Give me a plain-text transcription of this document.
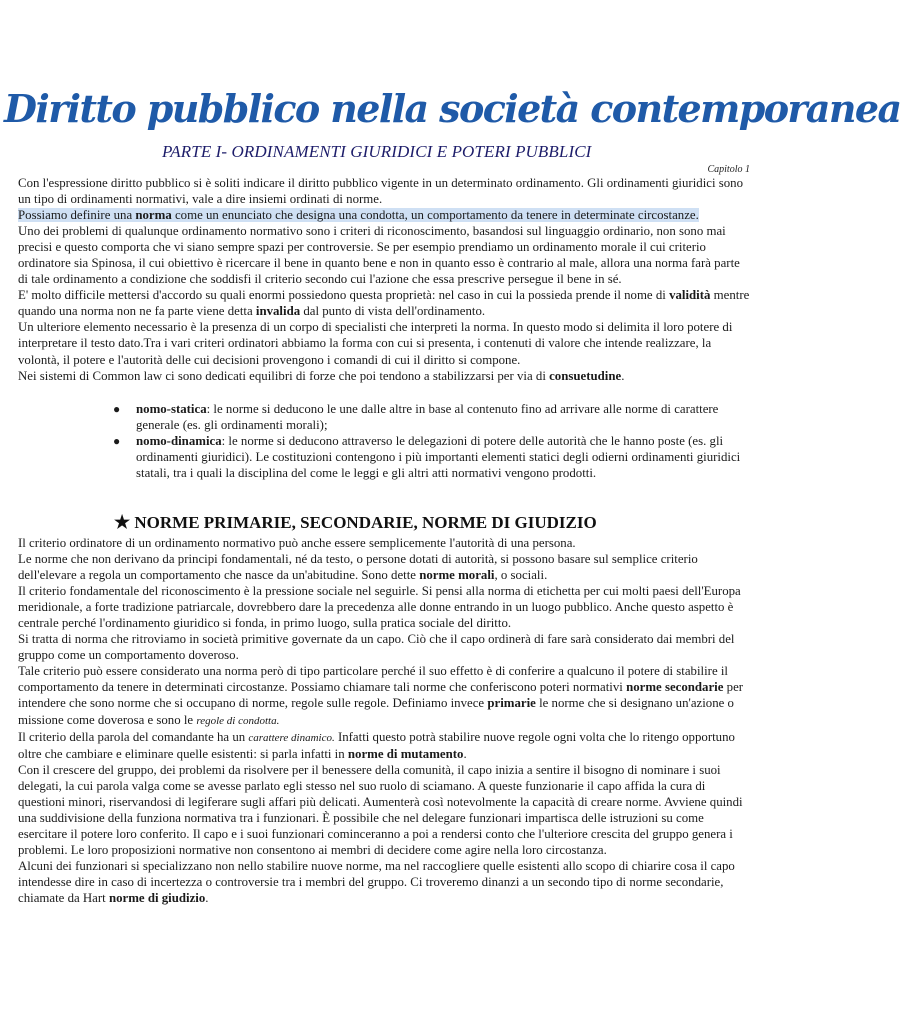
Diritto pubblico nella società contemporanea
PARTE I- ORDINAMENTI GIURIDICI E POTERI PUBBLICI
Capitolo 1

Con l'espressione diritto pubblico si è soliti indicare il diritto pubblico vigente in un determinato ordinamento. Gli ordinamenti giuridici sono un tipo di ordinamenti normativi, vale a dire insiemi ordinati di norme.

Possiamo definire una norma come un enunciato che designa una condotta, un comportamento da tenere in determinate circostanze.

Uno dei problemi di qualunque ordinamento normativo sono i criteri di riconoscimento, basandosi sul linguaggio ordinario, non sono mai precisi e questo comporta che vi siano sempre spazi per controversie. Se per esempio prendiamo un ordinamento morale il cui criterio ordinatore sia Spinosa, il cui obiettivo è ricercare il bene in quanto bene e non in quanto esso è contrario al male, allora una norma farà parte di tale ordinamento a condizione che soddisfi il criterio secondo cui l'azione che essa prescrive persegue il bene in sé.

E' molto difficile mettersi d'accordo su quali enormi possiedono questa proprietà: nel caso in cui la possieda prende il nome di validità mentre quando una norma non ne fa parte viene detta invalida dal punto di vista dell'ordinamento.

Un ulteriore elemento necessario è la presenza di un corpo di specialisti che interpreti la norma. In questo modo si delimita il loro potere di interpretare il testo dato.Tra i vari criteri ordinatori abbiamo la forma con cui si presenta, i contenuti di valore che intende realizzare, la volontà, il potere e l'autorità delle cui decisioni provengono i comandi di cui il diritto si compone.

Nei sistemi di Common law ci sono dedicati equilibri di forze che poi tendono a stabilizzarsi per via di consuetudine.

● nomo-statica: le norme si deducono le une dalle altre in base al contenuto fino ad arrivare alle norme di carattere generale (es. gli ordinamenti morali);
● nomo-dinamica: le norme si deducono attraverso le delegazioni di potere delle autorità che le hanno poste (es. gli ordinamenti giuridici). Le costituzioni contengono i più importanti elementi statici degli odierni ordinamenti giuridici statali, tra i quali la disciplina del come le leggi e gli altri atti normativi vengono prodotti.
★ NORME PRIMARIE, SECONDARIE, NORME DI GIUDIZIO

Il criterio ordinatore di un ordinamento normativo può anche essere semplicemente l'autorità di una persona.

Le norme che non derivano da principi fondamentali, né da testo, o persone dotati di autorità, si possono basare sul semplice criterio dell'elevare a regola un comportamento che nasce da un'abitudine. Sono dette norme morali, o sociali.

Il criterio fondamentale del riconoscimento è la pressione sociale nel seguirle. Si pensi alla norma di etichetta per cui molti paesi dell'Europa meridionale, a forte tradizione patriarcale, dovrebbero dare la precedenza alle donne entrando in un luogo pubblico. Anche questo aspetto è centrale perché l'ordinamento giuridico si fonda, in primo luogo, sulla pratica sociale del diritto.

Si tratta di norma che ritroviamo in società primitive governate da un capo. Ciò che il capo ordinerà di fare sarà considerato dai membri del gruppo come un comportamento doveroso.

Tale criterio può essere considerato una norma però di tipo particolare perché il suo effetto è di conferire a qualcuno il potere di stabilire il comportamento da tenere in determinati circostanze. Possiamo chiamare tali norme che conferiscono poteri normativi norme secondarie per intendere che sono norme che si occupano di norme, regole sulle regole. Definiamo invece primarie le norme che si designano un'azione o missione come doverosa e sono le regole di condotta.

Il criterio della parola del comandante ha un carattere dinamico. Infatti questo potrà stabilire nuove regole ogni volta che lo ritengo opportuno oltre che cambiare e eliminare quelle esistenti: si parla infatti in norme di mutamento.

Con il crescere del gruppo, dei problemi da risolvere per il benessere della comunità, il capo inizia a sentire il bisogno di nominare i suoi delegati, la cui parola valga come se avesse parlato egli stesso nel suo ruolo di sciamano. A queste funzionarie il capo affida la cura di questioni minori, riservandosi di legiferare sugli affari più delicati. Aumenterà così notevolmente la capacità di creare norme. Avviene quindi una suddivisione della funziona normativa tra i funzionari. È possibile che nel delegare funzionari impartisca delle istruzioni su come esercitare il potere loro conferito. Il capo e i suoi funzionari cominceranno a poi a rendersi conto che l'ulteriore crescita del gruppo genera i problemi. Le loro proposizioni normative non consentono ai membri di decidere come agire nella loro circostanza.

Alcuni dei funzionari si specializzano non nello stabilire nuove norme, ma nel raccogliere quelle esistenti allo scopo di chiarire cosa il capo intendesse dire in caso di incertezza o controversie tra i membri del gruppo. Ci troveremo dinanzi a un secondo tipo di norme secondarie, chiamate da Hart norme di giudizio.
